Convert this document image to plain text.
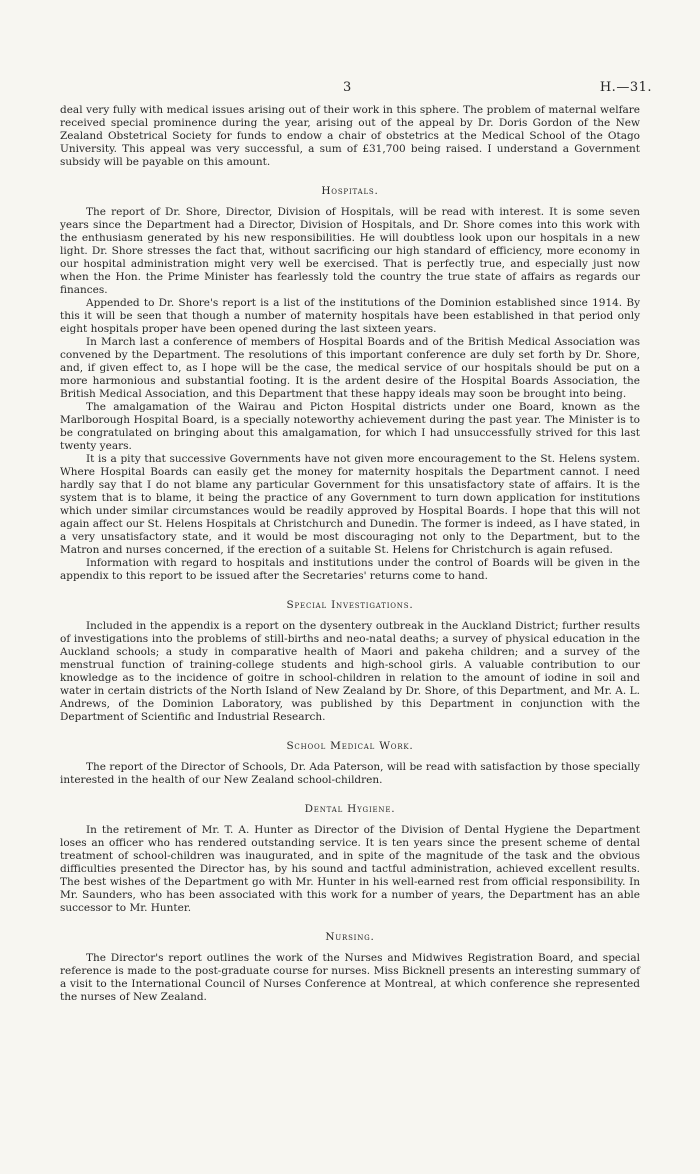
3	H.—31.

deal very fully with medical issues arising out of their work in this sphere. The problem of maternal welfare received special prominence during the year, arising out of the appeal by Dr. Doris Gordon of the New Zealand Obstetrical Society for funds to endow a chair of obstetrics at the Medical School of the Otago University. This appeal was very successful, a sum of £31,700 being raised. I understand a Government subsidy will be payable on this amount.

Hospitals.

The report of Dr. Shore, Director, Division of Hospitals, will be read with interest. It is some seven years since the Department had a Director, Division of Hospitals, and Dr. Shore comes into this work with the enthusiasm generated by his new responsibilities. He will doubtless look upon our hospitals in a new light. Dr. Shore stresses the fact that, without sacrificing our high standard of efficiency, more economy in our hospital administration might very well be exercised. That is perfectly true, and especially just now when the Hon. the Prime Minister has fearlessly told the country the true state of affairs as regards our finances.

Appended to Dr. Shore's report is a list of the institutions of the Dominion established since 1914. By this it will be seen that though a number of maternity hospitals have been established in that period only eight hospitals proper have been opened during the last sixteen years.

In March last a conference of members of Hospital Boards and of the British Medical Association was convened by the Department. The resolutions of this important conference are duly set forth by Dr. Shore, and, if given effect to, as I hope will be the case, the medical service of our hospitals should be put on a more harmonious and substantial footing. It is the ardent desire of the Hospital Boards Association, the British Medical Association, and this Department that these happy ideals may soon be brought into being.

The amalgamation of the Wairau and Picton Hospital districts under one Board, known as the Marlborough Hospital Board, is a specially noteworthy achievement during the past year. The Minister is to be congratulated on bringing about this amalgamation, for which I had unsuccessfully strived for this last twenty years.

It is a pity that successive Governments have not given more encouragement to the St. Helens system. Where Hospital Boards can easily get the money for maternity hospitals the Department cannot. I need hardly say that I do not blame any particular Government for this unsatisfactory state of affairs. It is the system that is to blame, it being the practice of any Government to turn down application for institutions which under similar circumstances would be readily approved by Hospital Boards. I hope that this will not again affect our St. Helens Hospitals at Christchurch and Dunedin. The former is indeed, as I have stated, in a very unsatisfactory state, and it would be most discouraging not only to the Department, but to the Matron and nurses concerned, if the erection of a suitable St. Helens for Christchurch is again refused.

Information with regard to hospitals and institutions under the control of Boards will be given in the appendix to this report to be issued after the Secretaries' returns come to hand.

Special Investigations.

Included in the appendix is a report on the dysentery outbreak in the Auckland District; further results of investigations into the problems of still-births and neo-natal deaths; a survey of physical education in the Auckland schools; a study in comparative health of Maori and pakeha children; and a survey of the menstrual function of training-college students and high-school girls. A valuable contribution to our knowledge as to the incidence of goitre in school-children in relation to the amount of iodine in soil and water in certain districts of the North Island of New Zealand by Dr. Shore, of this Department, and Mr. A. L. Andrews, of the Dominion Laboratory, was published by this Department in conjunction with the Department of Scientific and Industrial Research.

School Medical Work.

The report of the Director of Schools, Dr. Ada Paterson, will be read with satisfaction by those specially interested in the health of our New Zealand school-children.

Dental Hygiene.

In the retirement of Mr. T. A. Hunter as Director of the Division of Dental Hygiene the Department loses an officer who has rendered outstanding service. It is ten years since the present scheme of dental treatment of school-children was inaugurated, and in spite of the magnitude of the task and the obvious difficulties presented the Director has, by his sound and tactful administration, achieved excellent results. The best wishes of the Department go with Mr. Hunter in his well-earned rest from official responsibility. In Mr. Saunders, who has been associated with this work for a number of years, the Department has an able successor to Mr. Hunter.

Nursing.

The Director's report outlines the work of the Nurses and Midwives Registration Board, and special reference is made to the post-graduate course for nurses. Miss Bicknell presents an interesting summary of a visit to the International Council of Nurses Conference at Montreal, at which conference she represented the nurses of New Zealand.
